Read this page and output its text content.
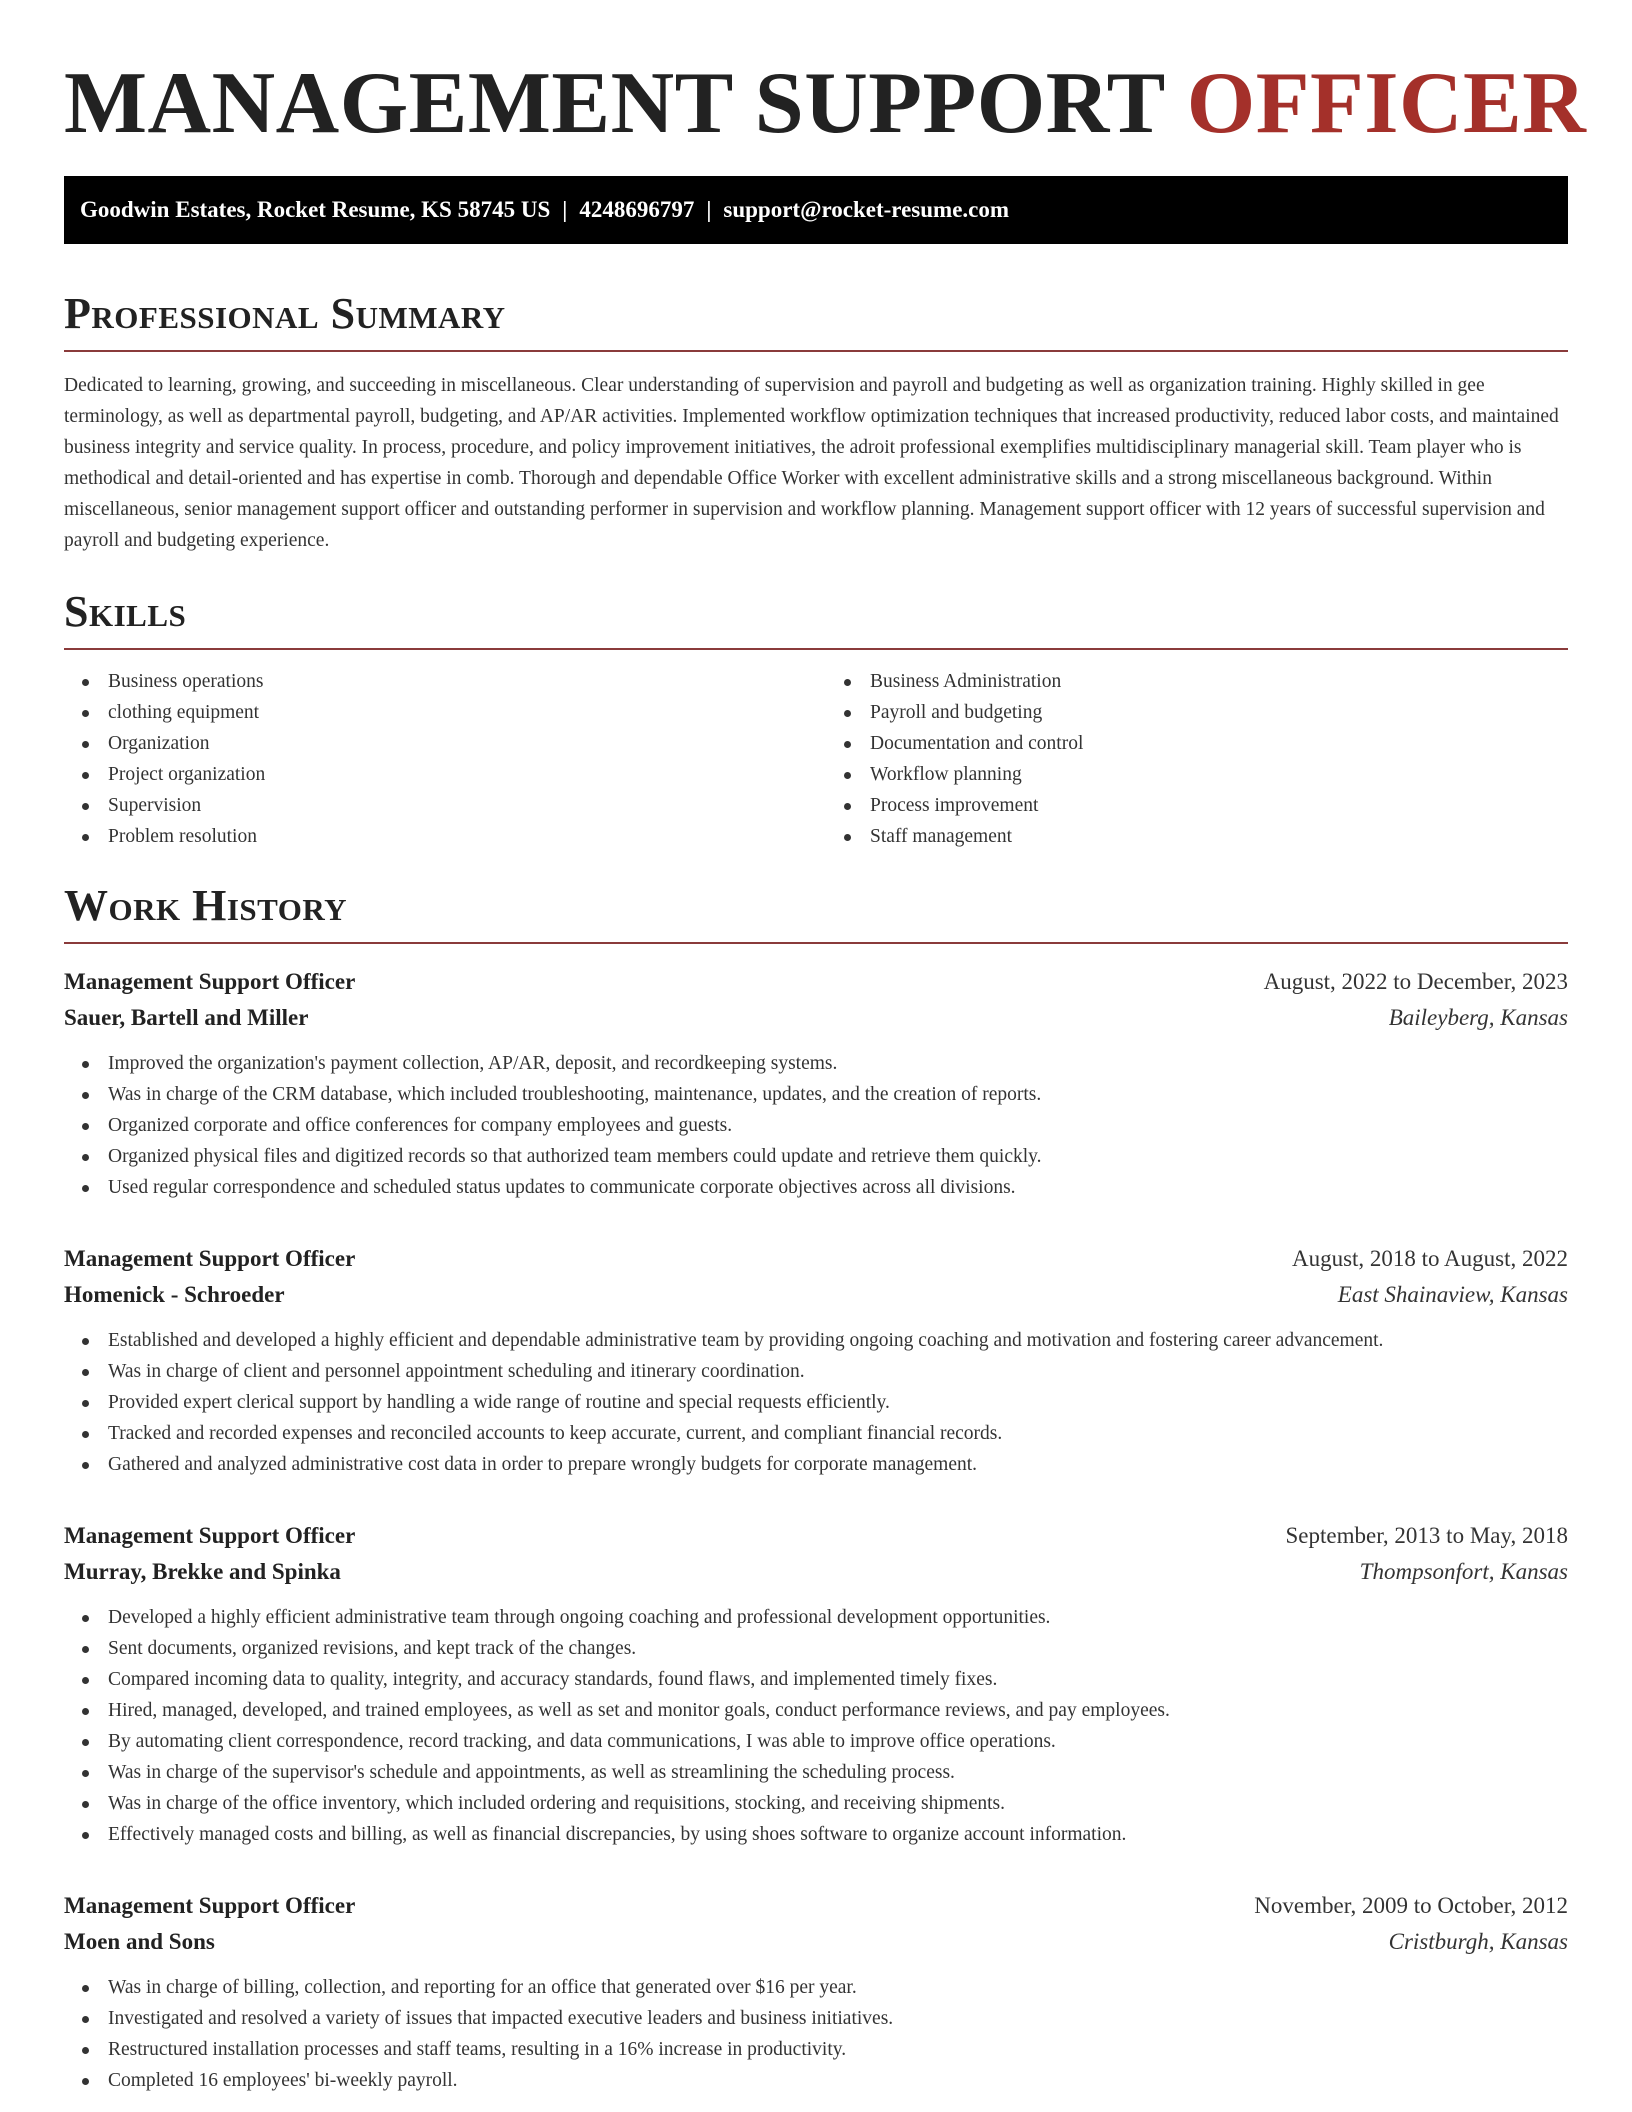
MANAGEMENT SUPPORT OFFICER
Goodwin Estates, Rocket Resume, KS 58745 US | 4248696797 | support@rocket-resume.com
Professional Summary

Dedicated to learning, growing, and succeeding in miscellaneous. Clear understanding of supervision and payroll and budgeting as well as organization training. Highly skilled in gee terminology, as well as departmental payroll, budgeting, and AP/AR activities. Implemented workflow optimization techniques that increased productivity, reduced labor costs, and maintained business integrity and service quality. In process, procedure, and policy improvement initiatives, the adroit professional exemplifies multidisciplinary managerial skill. Team player who is methodical and detail-oriented and has expertise in comb. Thorough and dependable Office Worker with excellent administrative skills and a strong miscellaneous background. Within miscellaneous, senior management support officer and outstanding performer in supervision and workflow planning. Management support officer with 12 years of successful supervision and payroll and budgeting experience.

Skills
Business operations
clothing equipment
Organization
Project organization
Supervision
Problem resolution
Business Administration
Payroll and budgeting
Documentation and control
Workflow planning
Process improvement
Staff management
Work History
Management Support Officer	August, 2022 to December, 2023
Sauer, Bartell and Miller	Baileyberg, Kansas
Improved the organization's payment collection, AP/AR, deposit, and recordkeeping systems.
Was in charge of the CRM database, which included troubleshooting, maintenance, updates, and the creation of reports.
Organized corporate and office conferences for company employees and guests.
Organized physical files and digitized records so that authorized team members could update and retrieve them quickly.
Used regular correspondence and scheduled status updates to communicate corporate objectives across all divisions.
Management Support Officer	August, 2018 to August, 2022
Homenick - Schroeder	East Shainaview, Kansas
Established and developed a highly efficient and dependable administrative team by providing ongoing coaching and motivation and fostering career advancement.
Was in charge of client and personnel appointment scheduling and itinerary coordination.
Provided expert clerical support by handling a wide range of routine and special requests efficiently.
Tracked and recorded expenses and reconciled accounts to keep accurate, current, and compliant financial records.
Gathered and analyzed administrative cost data in order to prepare wrongly budgets for corporate management.
Management Support Officer	September, 2013 to May, 2018
Murray, Brekke and Spinka	Thompsonfort, Kansas
Developed a highly efficient administrative team through ongoing coaching and professional development opportunities.
Sent documents, organized revisions, and kept track of the changes.
Compared incoming data to quality, integrity, and accuracy standards, found flaws, and implemented timely fixes.
Hired, managed, developed, and trained employees, as well as set and monitor goals, conduct performance reviews, and pay employees.
By automating client correspondence, record tracking, and data communications, I was able to improve office operations.
Was in charge of the supervisor's schedule and appointments, as well as streamlining the scheduling process.
Was in charge of the office inventory, which included ordering and requisitions, stocking, and receiving shipments.
Effectively managed costs and billing, as well as financial discrepancies, by using shoes software to organize account information.
Management Support Officer	November, 2009 to October, 2012
Moen and Sons	Cristburgh, Kansas
Was in charge of billing, collection, and reporting for an office that generated over $16 per year.
Investigated and resolved a variety of issues that impacted executive leaders and business initiatives.
Restructured installation processes and staff teams, resulting in a 16% increase in productivity.
Completed 16 employees' bi-weekly payroll.
